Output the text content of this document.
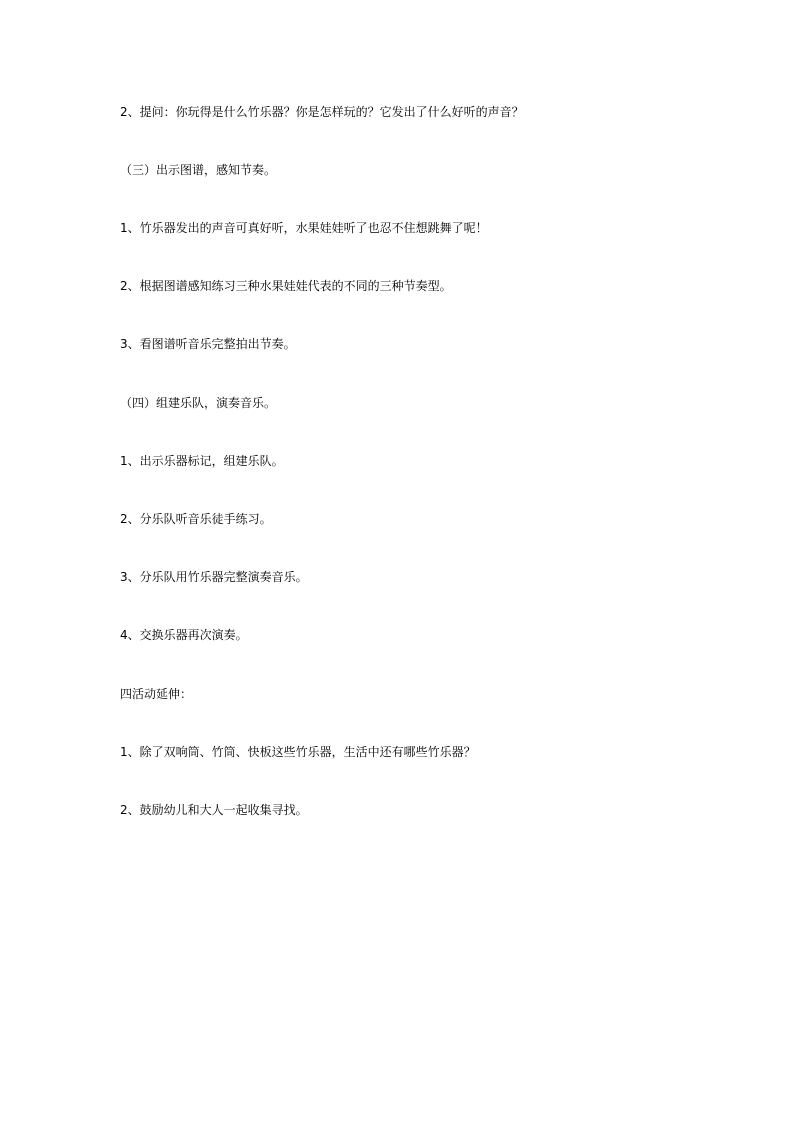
2、提问：你玩得是什么竹乐器？你是怎样玩的？它发出了什么好听的声音？
（三）出示图谱，感知节奏。
1、竹乐器发出的声音可真好听，水果娃娃听了也忍不住想跳舞了呢！
2、根据图谱感知练习三种水果娃娃代表的不同的三种节奏型。
3、看图谱听音乐完整拍出节奏。
（四）组建乐队，演奏音乐。
1、出示乐器标记，组建乐队。
2、分乐队听音乐徒手练习。
3、分乐队用竹乐器完整演奏音乐。
4、交换乐器再次演奏。
四活动延伸：
1、除了双响筒、竹筒、快板这些竹乐器，生活中还有哪些竹乐器？
2、鼓励幼儿和大人一起收集寻找。
